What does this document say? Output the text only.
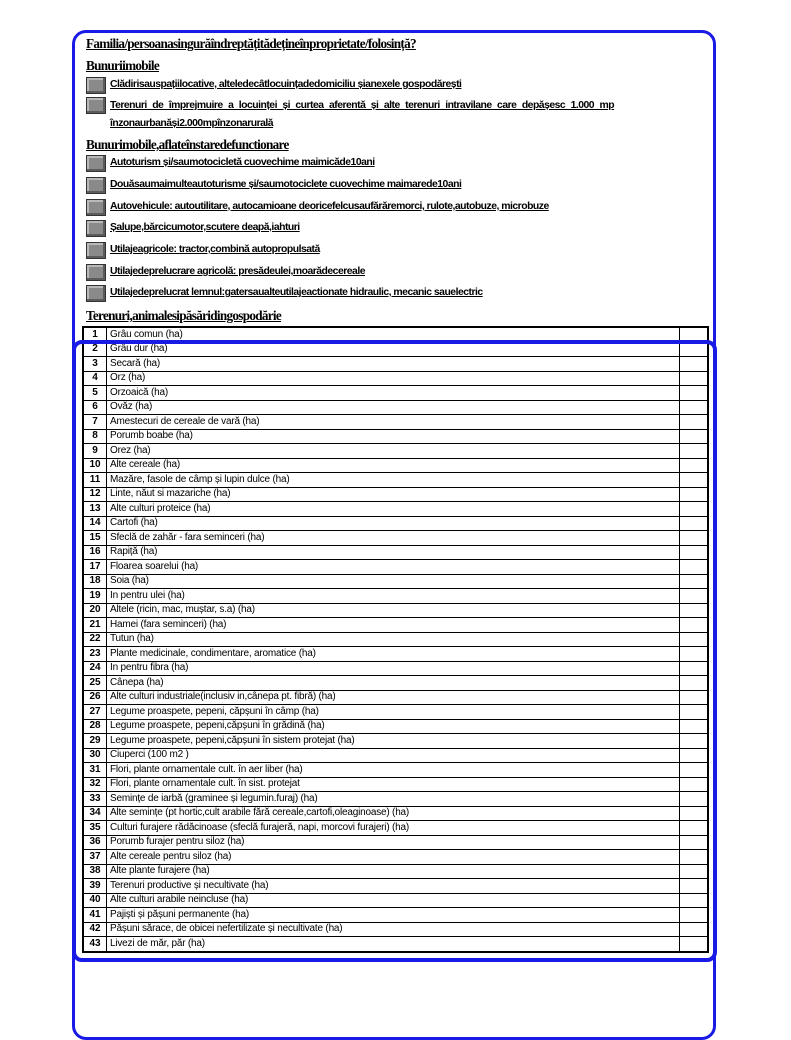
Familia/persoanasingurăîndreptățitădețineînproprietate/folosință?
Bunuriimobile
Clădirisauspațiilocative, alteledecâtlocuințadedomiciliu șianexele gospodărești
Terenuri de împrejmuire a locuinței și curtea aferentă și alte terenuri intravilane care depășesc 1.000 mp înzonaurbanăși2.000mpînzonarurală
Bunurimobile,aflateînstaredefunctionare
Autoturism și/saumotocicletă cuovechime maimicăde10ani
Douăsaumaimulteautoturisme și/saumotociclete cuovechime maimarede10ani
Autovehicule: autoutilitare, autocamioane deoricefelcusaufărăremorci, rulote,autobuze, microbuze
Șalupe,bărcicumotor,scutere deapă,iahturi
Utilajeagricole: tractor,combină autopropulsată
Utilajedeprelucrare agricolă: presădeulei,moarădecereale
Utilajedeprelucrat lemnul:gatersaualteutilajeactionate hidraulic, mecanic sauelectric
Terenuri,animalesipăsăridingospodărie
1	Grâu comun (ha)	
2	Grâu dur (ha)	
3	Secară (ha)	
4	Orz (ha)	
5	Orzoaică (ha)	
6	Ovăz (ha)	
7	Amestecuri de cereale de vară (ha)	
8	Porumb boabe (ha)	
9	Orez (ha)	
10	Alte cereale (ha)	
11	Mazăre, fasole de câmp și lupin dulce (ha)	
12	Linte, năut si mazariche (ha)	
13	Alte culturi proteice (ha)	
14	Cartofi (ha)	
15	Sfeclă de zahăr - fara seminceri (ha)	
16	Rapiță (ha)	
17	Floarea soarelui (ha)	
18	Soia (ha)	
19	In pentru ulei (ha)	
20	Altele (ricin, mac, muștar, s.a) (ha)	
21	Hamei (fara seminceri) (ha)	
22	Tutun (ha)	
23	Plante medicinale, condimentare, aromatice (ha)	
24	In pentru fibra (ha)	
25	Cânepa (ha)	
26	Alte culturi industriale(inclusiv in,cânepa pt. fibră) (ha)	
27	Legume proaspete, pepeni, căpșuni în câmp (ha)	
28	Legume proaspete, pepeni,căpșuni în grădină (ha)	
29	Legume proaspete, pepeni,căpșuni în sistem protejat (ha)	
30	Ciuperci (100 m2 )	
31	Flori, plante ornamentale cult. în aer liber (ha)	
32	Flori, plante ornamentale cult. în sist. protejat	
33	Semințe de iarbă (graminee și legumin.furaj) (ha)	
34	Alte semințe (pt hortic,cult arabile fără cereale,cartofi,oleaginoase) (ha)	
35	Culturi furajere rădăcinoase (sfeclă furajeră, napi, morcovi furajeri) (ha)	
36	Porumb furajer pentru siloz (ha)	
37	Alte cereale pentru siloz (ha)	
38	Alte plante furajere (ha)	
39	Terenuri productive și necultivate (ha)	
40	Alte culturi arabile neincluse (ha)	
41	Pajiști și pășuni permanente (ha)	
42	Pășuni sărace, de obicei nefertilizate și necultivate (ha)	
43	Livezi de măr, păr (ha)	
